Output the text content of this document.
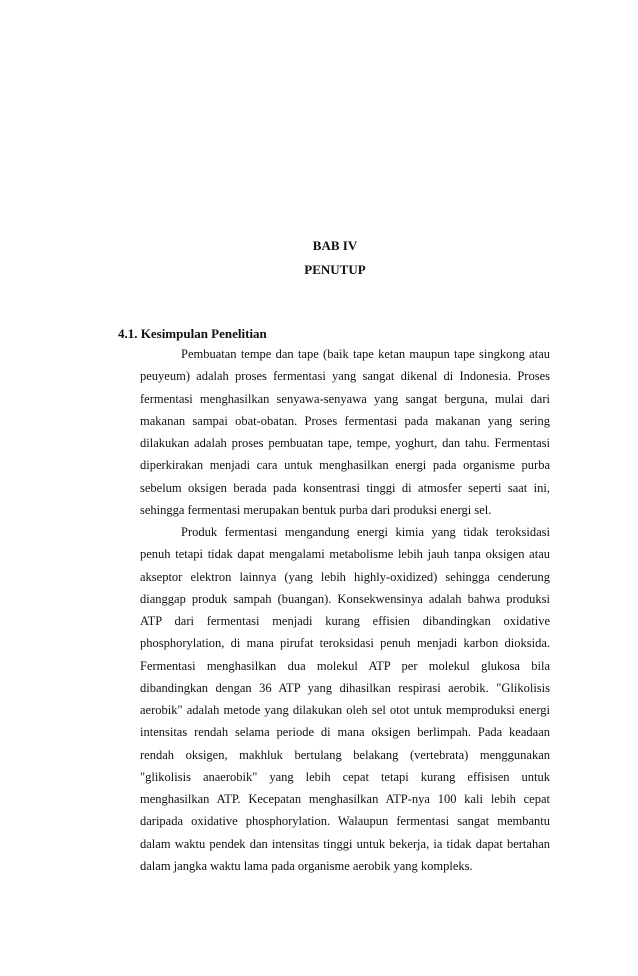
BAB IV
PENUTUP
4.1. Kesimpulan Penelitian

Pembuatan tempe dan tape (baik tape ketan maupun tape singkong atau peuyeum) adalah proses fermentasi yang sangat dikenal di Indonesia. Proses fermentasi menghasilkan senyawa-senyawa yang sangat berguna, mulai dari makanan sampai obat-obatan. Proses fermentasi pada makanan yang sering dilakukan adalah proses pembuatan tape, tempe, yoghurt, dan tahu. Fermentasi diperkirakan menjadi cara untuk menghasilkan energi pada organisme purba sebelum oksigen berada pada konsentrasi tinggi di atmosfer seperti saat ini, sehingga fermentasi merupakan bentuk purba dari produksi energi sel.

Produk fermentasi mengandung energi kimia yang tidak teroksidasi penuh tetapi tidak dapat mengalami metabolisme lebih jauh tanpa oksigen atau akseptor elektron lainnya (yang lebih highly-oxidized) sehingga cenderung dianggap produk sampah (buangan). Konsekwensinya adalah bahwa produksi ATP dari fermentasi menjadi kurang effisien dibandingkan oxidative phosphorylation, di mana pirufat teroksidasi penuh menjadi karbon dioksida. Fermentasi menghasilkan dua molekul ATP per molekul glukosa bila dibandingkan dengan 36 ATP yang dihasilkan respirasi aerobik. "Glikolisis aerobik" adalah metode yang dilakukan oleh sel otot untuk memproduksi energi intensitas rendah selama periode di mana oksigen berlimpah. Pada keadaan rendah oksigen, makhluk bertulang belakang (vertebrata) menggunakan "glikolisis anaerobik" yang lebih cepat tetapi kurang effisisen untuk menghasilkan ATP. Kecepatan menghasilkan ATP-nya 100 kali lebih cepat daripada oxidative phosphorylation. Walaupun fermentasi sangat membantu dalam waktu pendek dan intensitas tinggi untuk bekerja, ia tidak dapat bertahan dalam jangka waktu lama pada organisme aerobik yang kompleks.
